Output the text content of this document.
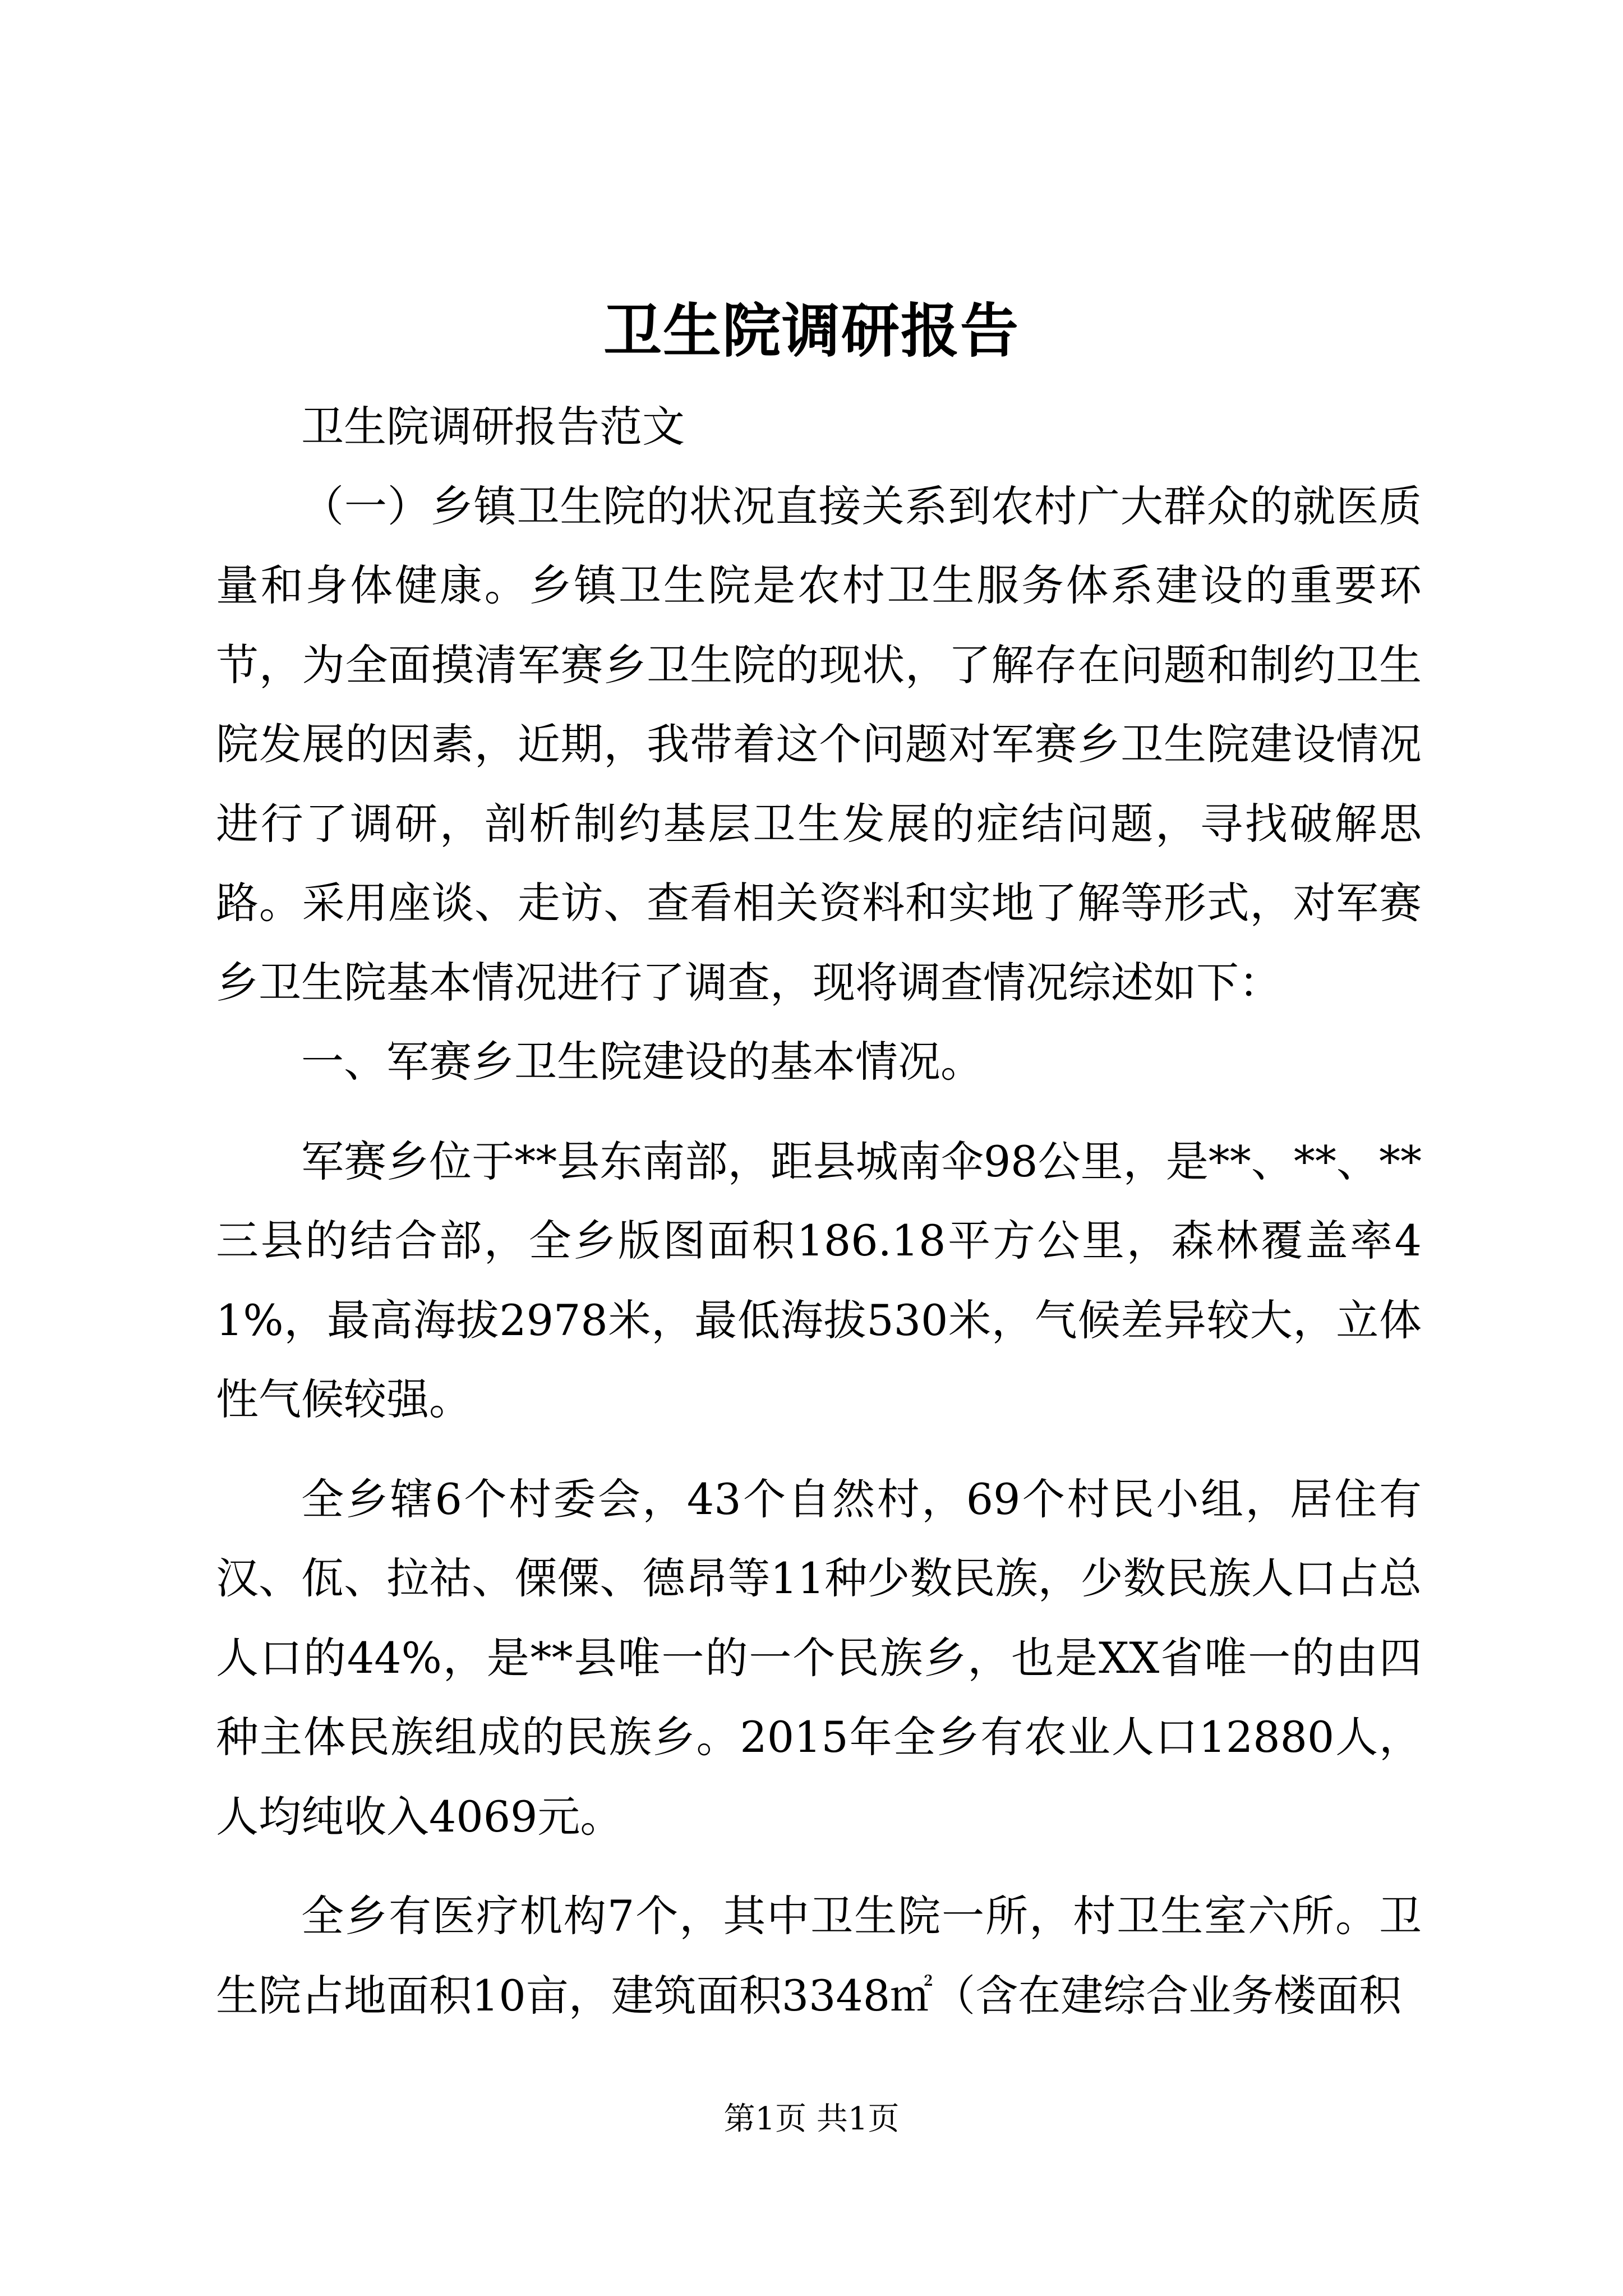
卫生院调研报告

卫生院调研报告范文

（一）乡镇卫生院的状况直接关系到农村广大群众的就医质量和身体健康。乡镇卫生院是农村卫生服务体系建设的重要环节，为全面摸清军赛乡卫生院的现状，了解存在问题和制约卫生院发展的因素，近期，我带着这个问题对军赛乡卫生院建设情况进行了调研，剖析制约基层卫生发展的症结问题，寻找破解思路。采用座谈、走访、查看相关资料和实地了解等形式，对军赛乡卫生院基本情况进行了调查，现将调查情况综述如下：

一、军赛乡卫生院建设的基本情况。

军赛乡位于**县东南部，距县城南伞98公里，是**、**、**三县的结合部，全乡版图面积186.18平方公里，森林覆盖率41%，最高海拔2978米，最低海拔530米，气候差异较大，立体性气候较强。

全乡辖6个村委会，43个自然村，69个村民小组，居住有汉、佤、拉祜、傈僳、德昂等11种少数民族，少数民族人口占总人口的44%，是**县唯一的一个民族乡，也是XX省唯一的由四种主体民族组成的民族乡。2015年全乡有农业人口12880人，人均纯收入4069元。

全乡有医疗机构7个，其中卫生院一所，村卫生室六所。卫生院占地面积10亩，建筑面积3348㎡（含在建综合业务楼面积

第1页 共1页
